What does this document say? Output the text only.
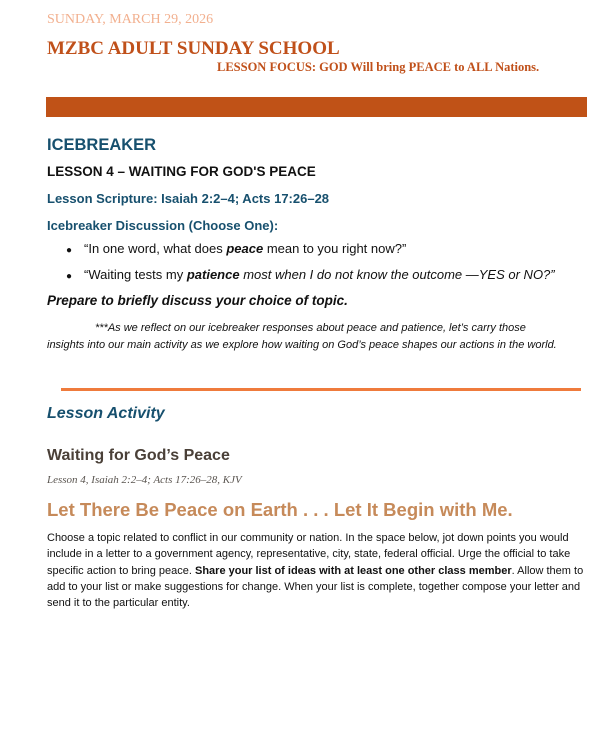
SUNDAY, MARCH 29, 2026
MZBC ADULT SUNDAY SCHOOL
LESSON FOCUS: GOD Will bring PEACE to ALL Nations.
ICEBREAKER
LESSON 4 – WAITING FOR GOD'S PEACE
Lesson Scripture: Isaiah 2:2–4; Acts 17:26–28
Icebreaker Discussion (Choose One):
● “In one word, what does peace mean to you right now?”
● “Waiting tests my patience most when I do not know the outcome —YES or NO?”
Prepare to briefly discuss your choice of topic.
***As we reflect on our icebreaker responses about peace and patience, let’s carry those insights into our main activity as we explore how waiting on God’s peace shapes our actions in the world.
Lesson Activity
Waiting for God’s Peace
Lesson 4, Isaiah 2:2–4; Acts 17:26–28, KJV
Let There Be Peace on Earth . . . Let It Begin with Me.
Choose a topic related to conflict in our community or nation. In the space below, jot down points you would include in a letter to a government agency, representative, city, state, federal official. Urge the official to take specific action to bring peace. Share your list of ideas with at least one other class member. Allow them to add to your list or make suggestions for change. When your list is complete, together compose your letter and send it to the particular entity.
